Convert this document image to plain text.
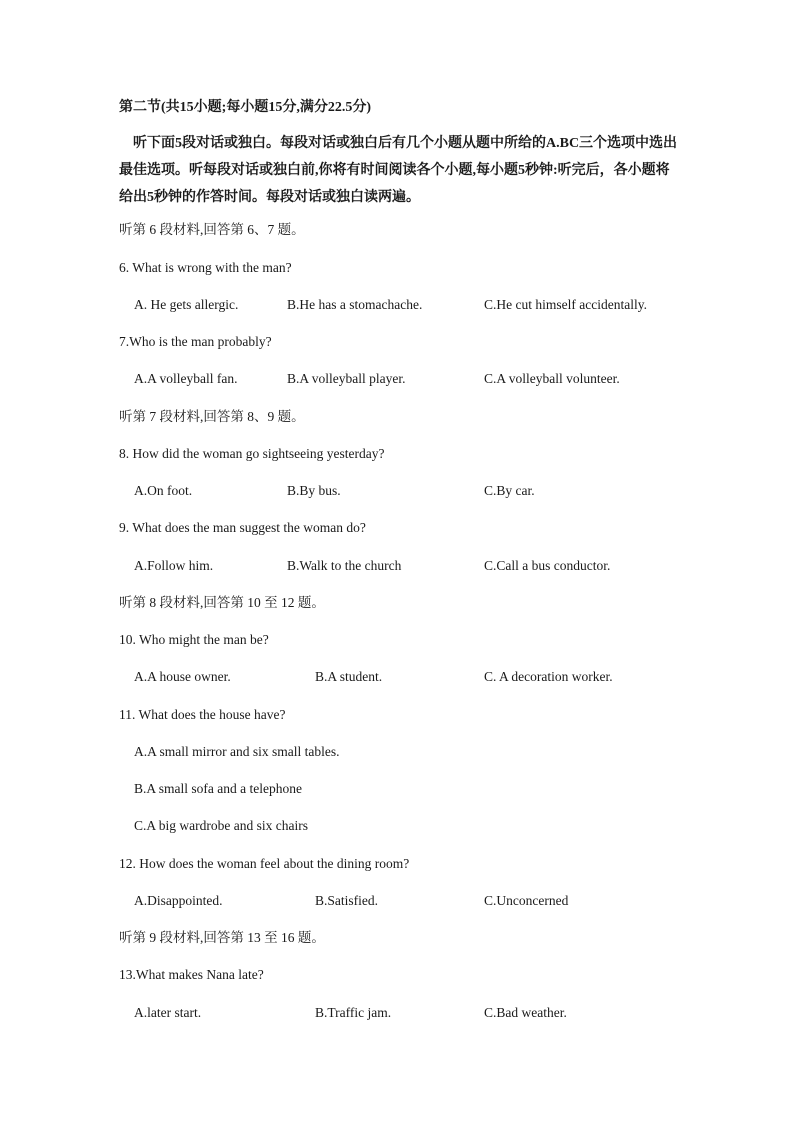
第二节(共15小题;每小题15分,满分22.5分)
听下面5段对话或独白。每段对话或独白后有几个小题从题中所给的A.BC三个选项中选出最佳选项。听每段对话或独白前,你将有时间阅读各个小题,每小题5秒钟:听完后，各小题将给出5秒钟的作答时间。每段对话或独白读两遍。
听第 6 段材料,回答第 6、7 题。
6. What is wrong with the man?
A. He gets allergic.	B.He has a stomachache.	C.He cut himself accidentally.
7.Who is the man probably?
A.A volleyball fan.	B.A volleyball player.	C.A volleyball volunteer.
听第 7 段材料,回答第 8、9 题。
8. How did the woman go sightseeing yesterday?
A.On foot.	B.By bus.	C.By car.
9. What does the man suggest the woman do?
A.Follow him.	B.Walk to the church	C.Call a bus conductor.
听第 8 段材料,回答第 10 至 12 题。
10. Who might the man be?
A.A house owner.	B.A student.	C. A decoration worker.
11. What does the house have?
A.A small mirror and six small tables.
B.A small sofa and a telephone
C.A big wardrobe and six chairs
12. How does the woman feel about the dining room?
A.Disappointed.	B.Satisfied.	C.Unconcerned
听第 9 段材料,回答第 13 至 16 题。
13.What makes Nana late?
A.later start.	B.Traffic jam.	C.Bad weather.
